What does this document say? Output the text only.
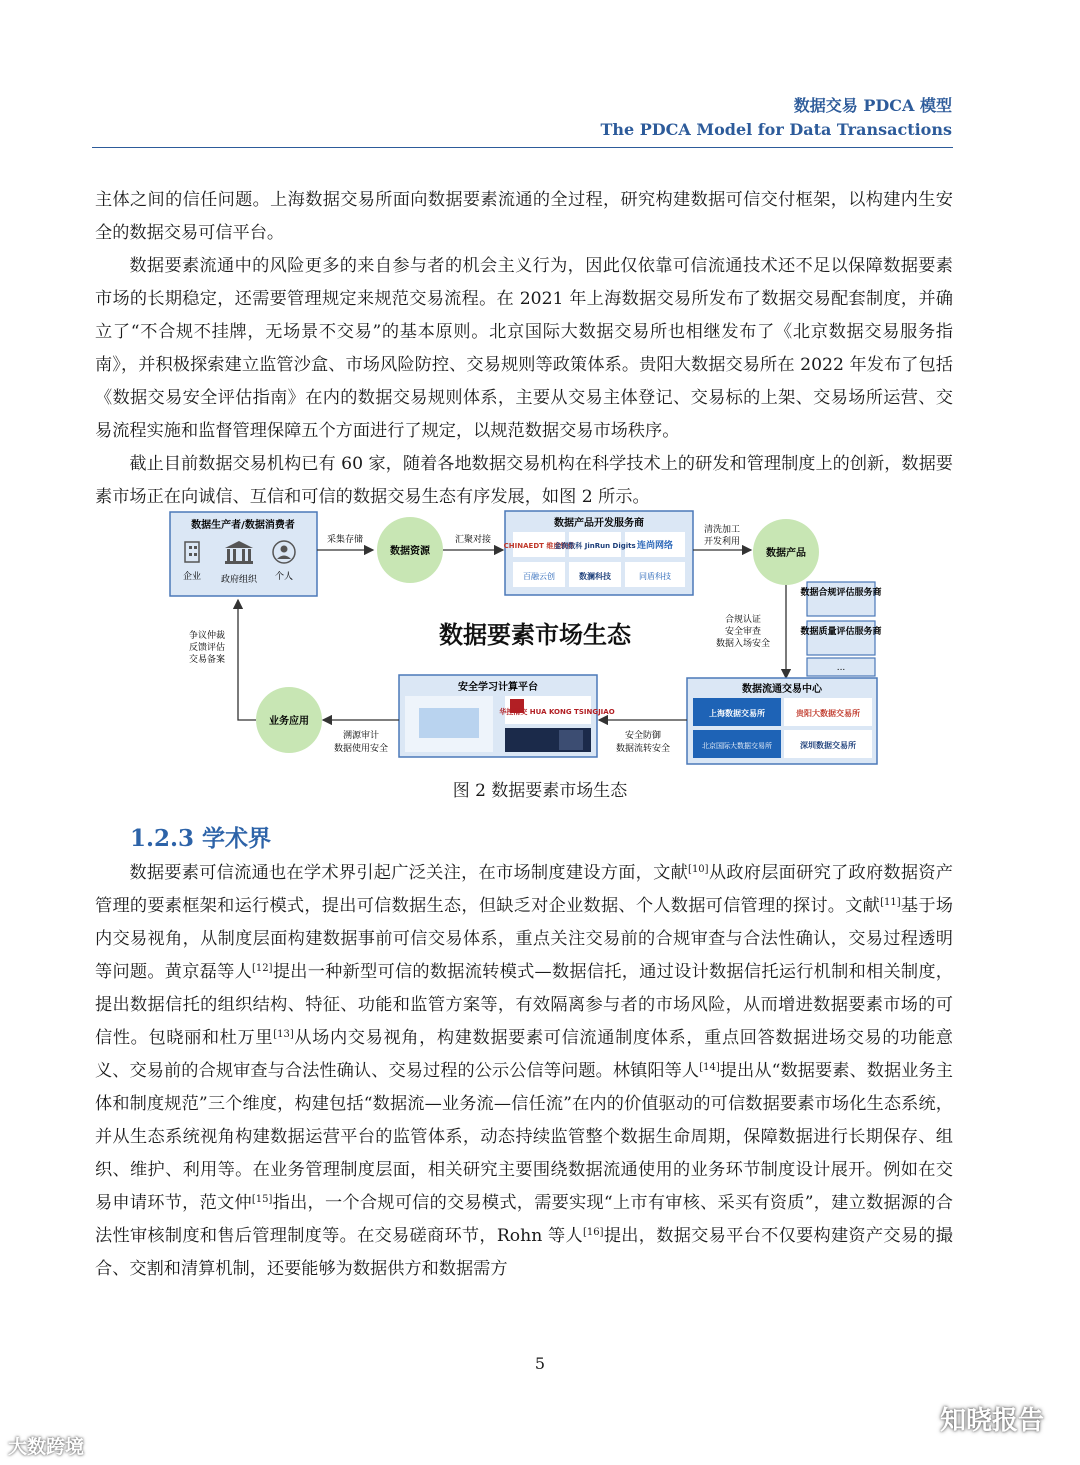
数据交易 PDCA 模型
The PDCA Model for Data Transactions

主体之间的信任问题。上海数据交易所面向数据要素流通的全过程，研究构建数据可信交付框架，以构建内生安全的数据交易可信平台。

数据要素流通中的风险更多的来自参与者的机会主义行为，因此仅依靠可信流通技术还不足以保障数据要素市场的长期稳定，还需要管理规定来规范交易流程。在 2021 年上海数据交易所发布了数据交易配套制度，并确立了“不合规不挂牌，无场景不交易”的基本原则。北京国际大数据交易所也相继发布了《北京数据交易服务指南》，并积极探索建立监管沙盒、市场风险防控、交易规则等政策体系。贵阳大数据交易所在 2022 年发布了包括《数据交易安全评估指南》在内的数据交易规则体系，主要从交易主体登记、交易标的上架、交易场所运营、交易流程实施和监督管理保障五个方面进行了规定，以规范数据交易市场秩序。

截止目前数据交易机构已有 60 家，随着各地数据交易机构在科学技术上的研发和管理制度上的创新，数据要素市场正在向诚信、互信和可信的数据交易生态有序发展，如图 2 所示。

数据生产者/数据消费者
企业 政府组织 个人
采集存储
数据资源
汇聚对接
数据产品开发服务商
CHINAEDT 维度软件
金润数科 JinRun Digits 连尚网络
百融云创	数澜科技	同盾科技
清洗加工
开发利用
数据产品
数据合规评估服务商
数据质量评估服务商
...
合规认证
安全审查
数据入场安全
数据要素市场生态
数据流通交易中心
上海数据交易所	贵阳大数据交易所
北京国际大数据交易所	深圳数据交易所
安全防御
数据流转安全
安全学习计算平台
华控清交 HUA KONG TSINGJIAO
溯源审计
数据使用安全
业务应用
争议仲裁
反馈评估
交易备案
图 2 数据要素市场生态
1.2.3 学术界

数据要素可信流通也在学术界引起广泛关注，在市场制度建设方面，文献[10]从政府层面研究了政府数据资产管理的要素框架和运行模式，提出可信数据生态，但缺乏对企业数据、个人数据可信管理的探讨。文献[11]基于场内交易视角，从制度层面构建数据事前可信交易体系，重点关注交易前的合规审查与合法性确认，交易过程透明等问题。黄京磊等人[12]提出一种新型可信的数据流转模式—数据信托，通过设计数据信托运行机制和相关制度，提出数据信托的组织结构、特征、功能和监管方案等，有效隔离参与者的市场风险，从而增进数据要素市场的可信性。包晓丽和杜万里[13]从场内交易视角，构建数据要素可信流通制度体系，重点回答数据进场交易的功能意义、交易前的合规审查与合法性确认、交易过程的公示公信等问题。林镇阳等人[14]提出从“数据要素、数据业务主体和制度规范”三个维度，构建包括“数据流—业务流—信任流”在内的价值驱动的可信数据要素市场化生态系统，并从生态系统视角构建数据运营平台的监管体系，动态持续监管整个数据生命周期，保障数据进行长期保存、组织、维护、利用等。在业务管理制度层面，相关研究主要围绕数据流通使用的业务环节制度设计展开。例如在交易申请环节，范文仲[15]指出，一个合规可信的交易模式，需要实现“上市有审核、采买有资质”，建立数据源的合法性审核制度和售后管理制度等。在交易磋商环节，Rohn 等人[16]提出，数据交易平台不仅要构建资产交易的撮合、交割和清算机制，还要能够为数据供方和数据需方

5
大数跨境
知晓报告
